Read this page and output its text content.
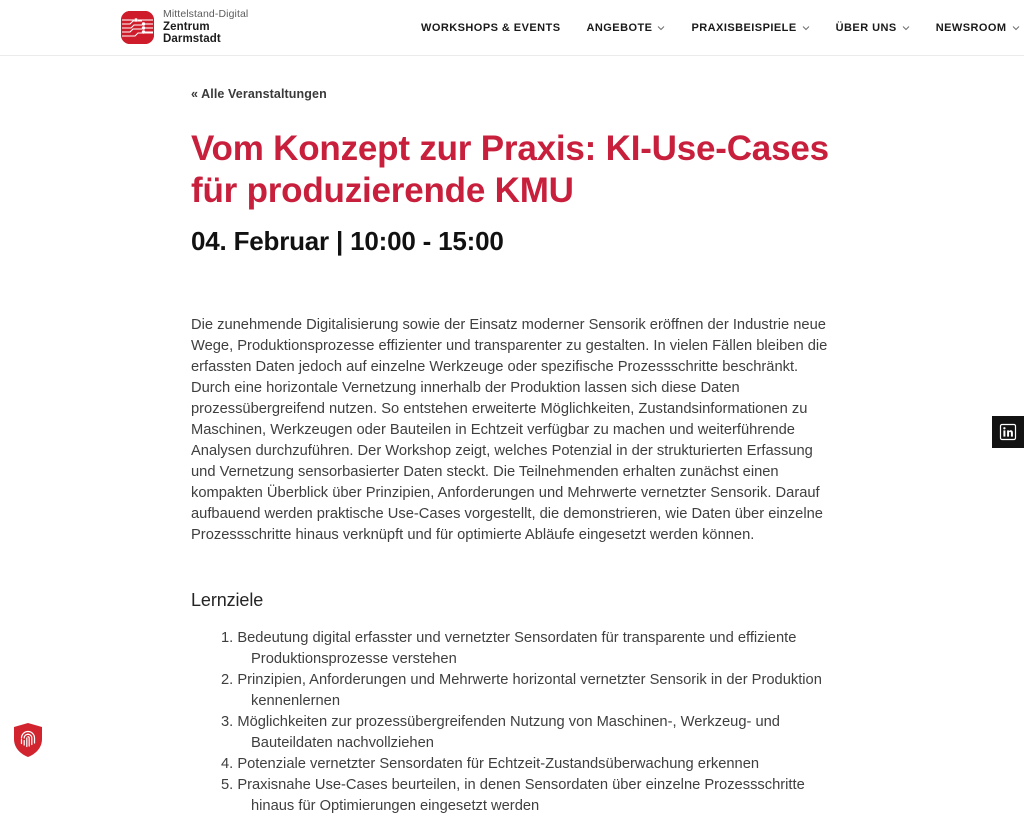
Mittelstand-Digital
Zentrum
Darmstadt
WORKSHOPS & EVENTS ANGEBOTE	PRAXISBEISPIELE	ÜBER UNS	NEWSROOM
« Alle Veranstaltungen
Vom Konzept zur Praxis: KI-Use-Cases für produzierende KMU
04. Februar | 10:00 - 15:00

Die zunehmende Digitalisierung sowie der Einsatz moderner Sensorik eröffnen der Industrie neue Wege, Produktionsprozesse effizienter und transparenter zu gestalten. In vielen Fällen bleiben die erfassten Daten jedoch auf einzelne Werkzeuge oder spezifische Prozessschritte beschränkt. Durch eine horizontale Vernetzung innerhalb der Produktion lassen sich diese Daten prozessübergreifend nutzen. So entstehen erweiterte Möglichkeiten, Zustandsinformationen zu Maschinen, Werkzeugen oder Bauteilen in Echtzeit verfügbar zu machen und weiterführende Analysen durchzuführen. Der Workshop zeigt, welches Potenzial in der strukturierten Erfassung und Vernetzung sensorbasierter Daten steckt. Die Teilnehmenden erhalten zunächst einen kompakten Überblick über Prinzipien, Anforderungen und Mehrwerte vernetzter Sensorik. Darauf aufbauend werden praktische Use-Cases vorgestellt, die demonstrieren, wie Daten über einzelne Prozessschritte hinaus verknüpft und für optimierte Abläufe eingesetzt werden können.

Lernziele
1. Bedeutung digital erfasster und vernetzter Sensordaten für transparente und effiziente Produktionsprozesse verstehen
2. Prinzipien, Anforderungen und Mehrwerte horizontal vernetzter Sensorik in der Produktion kennenlernen
3. Möglichkeiten zur prozessübergreifenden Nutzung von Maschinen-, Werkzeug- und Bauteildaten nachvollziehen
4. Potenziale vernetzter Sensordaten für Echtzeit-Zustandsüberwachung erkennen
5. Praxisnahe Use-Cases beurteilen, in denen Sensordaten über einzelne Prozessschritte hinaus für Optimierungen eingesetzt werden
